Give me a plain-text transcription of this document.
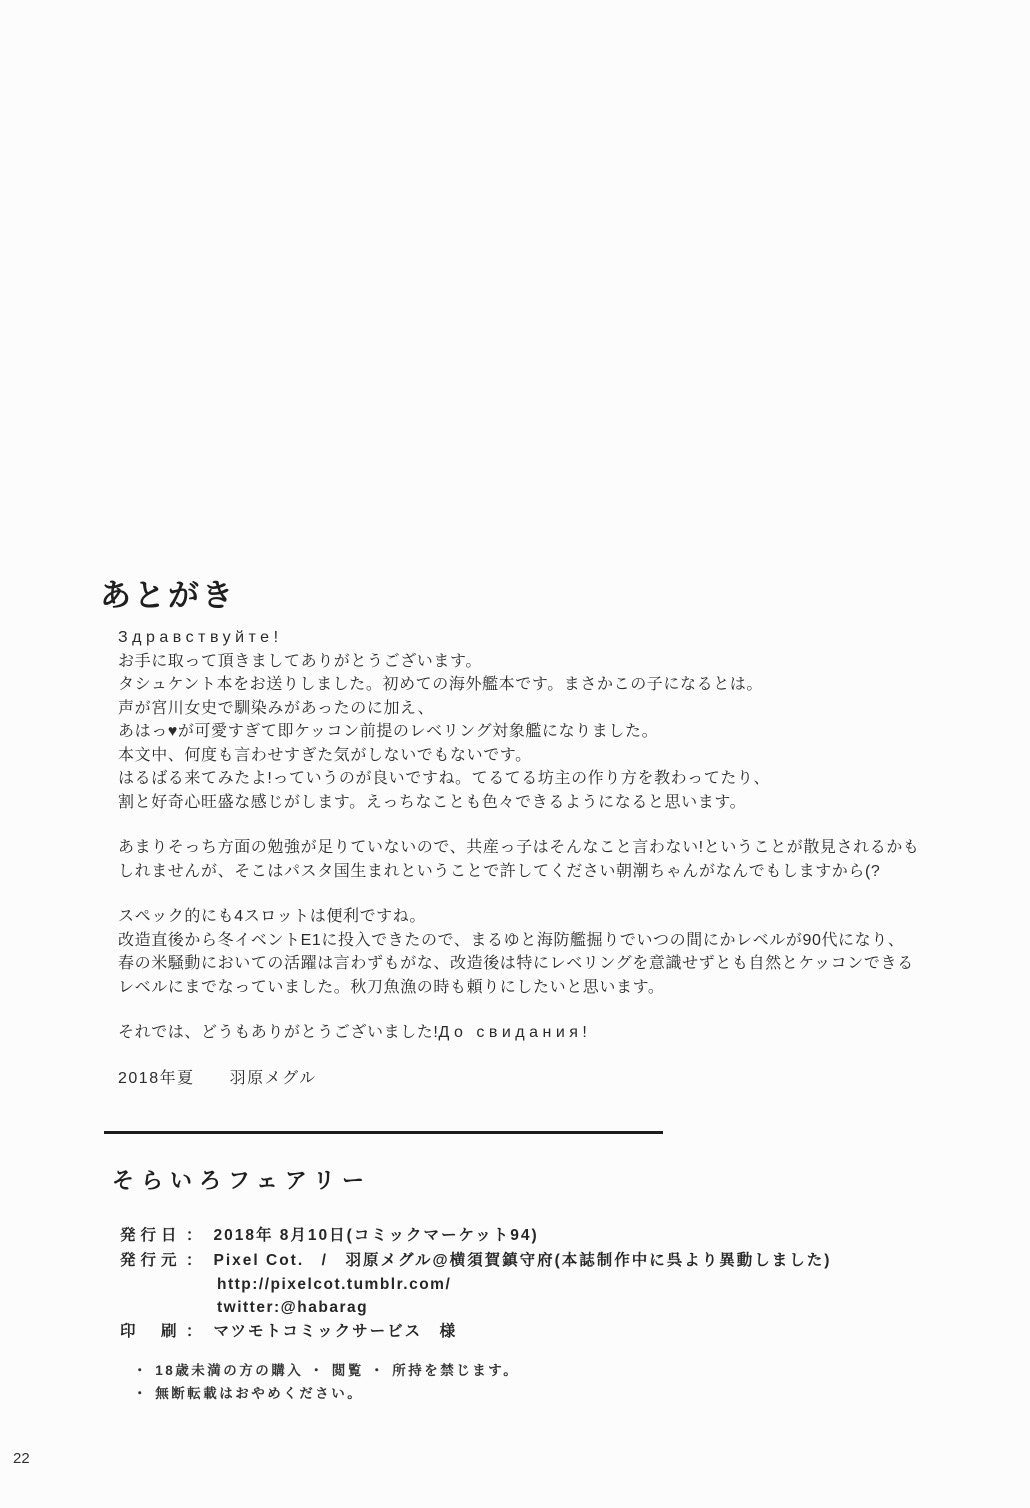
あとがき
Здравствуйте!
お手に取って頂きましてありがとうございます。
タシュケント本をお送りしました。初めての海外艦本です。まさかこの子になるとは。
声が宮川女史で馴染みがあったのに加え、
あはっ♥が可愛すぎて即ケッコン前提のレベリング対象艦になりました。
本文中、何度も言わせすぎた気がしないでもないです。
はるばる来てみたよ!っていうのが良いですね。てるてる坊主の作り方を教わってたり、
割と好奇心旺盛な感じがします。えっちなことも色々できるようになると思います。
あまりそっち方面の勉強が足りていないので、共産っ子はそんなこと言わない!ということが散見されるかも
しれませんが、そこはパスタ国生まれということで許してください朝潮ちゃんがなんでもしますから(?
スペック的にも4スロットは便利ですね。
改造直後から冬イベントE1に投入できたので、まるゆと海防艦掘りでいつの間にかレベルが90代になり、
春の米騒動においての活躍は言わずもがな、改造後は特にレベリングを意識せずとも自然とケッコンできる
レベルにまでなっていました。秋刀魚漁の時も頼りにしたいと思います。
それでは、どうもありがとうございました!До свидания!
2018年夏　　羽原メグル
そらいろフェアリー
発行日 ： 2018年 8月10日(コミックマーケット94)
発行元 ： Pixel Cot.　/　羽原メグル@横須賀鎮守府(本誌制作中に呉より異動しました)
http://pixelcot.tumblr.com/
twitter:@habarag
印　刷 ： マツモトコミックサービス　様
・ 18歳未満の方の購入 ・ 閲覧 ・ 所持を禁じます。
・ 無断転載はおやめください。
22
